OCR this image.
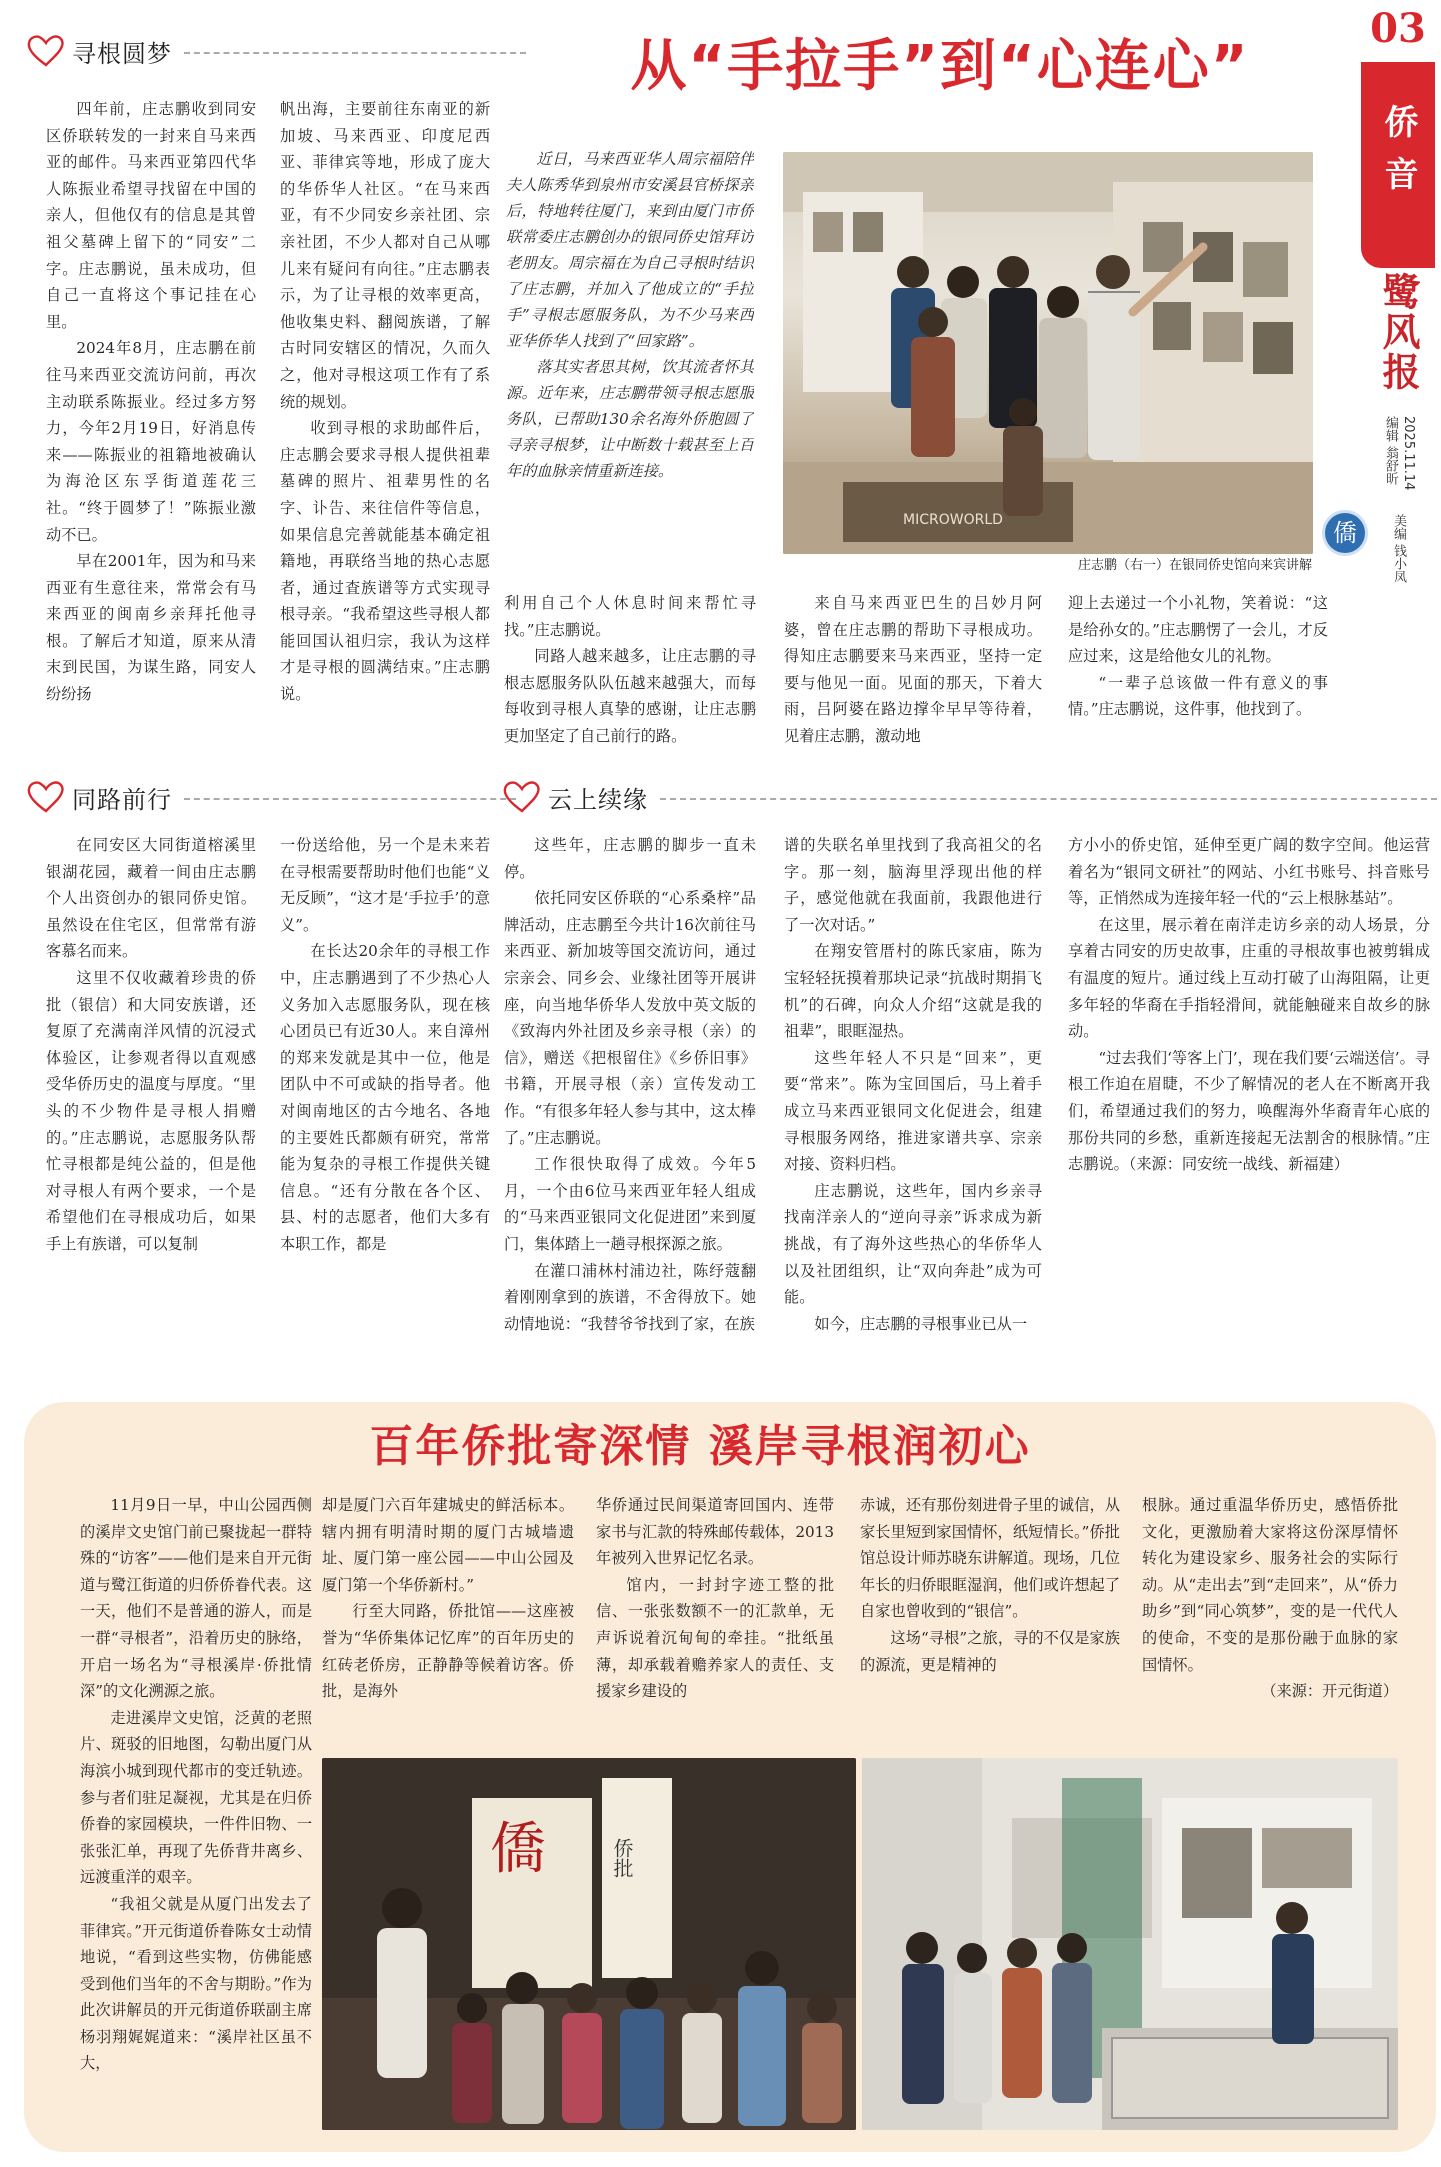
03
侨音
鹭风报
编辑 翁舒昕 2025.11.14
僑	美编 钱小凤
寻根圆梦
同路前行	云上续缘
从“手拉手”到“心连心”

四年前，庄志鹏收到同安区侨联转发的一封来自马来西亚的邮件。马来西亚第四代华人陈振业希望寻找留在中国的亲人，但他仅有的信息是其曾祖父墓碑上留下的“同安”二字。庄志鹏说，虽未成功，但自己一直将这个事记挂在心里。

2024年8月，庄志鹏在前往马来西亚交流访问前，再次主动联系陈振业。经过多方努力，今年2月19日，好消息传来——陈振业的祖籍地被确认为海沧区东孚街道莲花三社。“终于圆梦了！”陈振业激动不已。

早在2001年，因为和马来西亚有生意往来，常常会有马来西亚的闽南乡亲拜托他寻根。了解后才知道，原来从清末到民国，为谋生路，同安人纷纷扬

帆出海，主要前往东南亚的新加坡、马来西亚、印度尼西亚、菲律宾等地，形成了庞大的华侨华人社区。“在马来西亚，有不少同安乡亲社团、宗亲社团，不少人都对自己从哪儿来有疑问有向往。”庄志鹏表示，为了让寻根的效率更高，他收集史料、翻阅族谱，了解古时同安辖区的情况，久而久之，他对寻根这项工作有了系统的规划。

收到寻根的求助邮件后，庄志鹏会要求寻根人提供祖辈墓碑的照片、祖辈男性的名字、讣告、来往信件等信息，如果信息完善就能基本确定祖籍地，再联络当地的热心志愿者，通过査族谱等方式实现寻根寻亲。“我希望这些寻根人都能回国认祖归宗，我认为这样才是寻根的圆满结束。”庄志鹏说。

近日，马来西亚华人周宗福陪伴夫人陈秀华到泉州市安溪县官桥探亲后，特地转往厦门，来到由厦门市侨联常委庄志鹏创办的银同侨史馆拜访老朋友。周宗福在为自己寻根时结识了庄志鹏，并加入了他成立的“手拉手”寻根志愿服务队，为不少马来西亚华侨华人找到了“回家路”。

落其实者思其树，饮其流者怀其源。近年来，庄志鹏带领寻根志愿服务队，已帮助130余名海外侨胞圆了寻亲寻根梦，让中断数十载甚至上百年的血脉亲情重新连接。

MICROWORLD
庄志鹏（右一）在银同侨史馆向来宾讲解

利用自己个人休息时间来帮忙寻找。”庄志鹏说。

同路人越来越多，让庄志鹏的寻根志愿服务队队伍越来越强大，而每每收到寻根人真挚的感谢，让庄志鹏更加坚定了自己前行的路。

来自马来西亚巴生的吕妙月阿婆，曾在庄志鹏的帮助下寻根成功。得知庄志鹏要来马来西亚，坚持一定要与他见一面。见面的那天，下着大雨，吕阿婆在路边撑伞早早等待着，见着庄志鹏，激动地

迎上去递过一个小礼物，笑着说：“这是给孙女的。”庄志鹏愣了一会儿，才反应过来，这是给他女儿的礼物。

“一辈子总该做一件有意义的事情。”庄志鹏说，这件事，他找到了。

在同安区大同街道榕溪里银湖花园，藏着一间由庄志鹏个人出资创办的银同侨史馆。虽然设在住宅区，但常常有游客慕名而来。

这里不仅收藏着珍贵的侨批（银信）和大同安族谱，还复原了充满南洋风情的沉浸式体验区，让参观者得以直观感受华侨历史的温度与厚度。“里头的不少物件是寻根人捐赠的。”庄志鹏说，志愿服务队帮忙寻根都是纯公益的，但是他对寻根人有两个要求，一个是希望他们在寻根成功后，如果手上有族谱，可以复制

一份送给他，另一个是未来若在寻根需要帮助时他们也能“义无反顾”，“这才是‘手拉手’的意义”。

在长达20余年的寻根工作中，庄志鹏遇到了不少热心人义务加入志愿服务队，现在核心团员已有近30人。来自漳州的郑来发就是其中一位，他是团队中不可或缺的指导者。他对闽南地区的古今地名、各地的主要姓氏都颇有研究，常常能为复杂的寻根工作提供关键信息。“还有分散在各个区、县、村的志愿者，他们大多有本职工作，都是

这些年，庄志鹏的脚步一直未停。

依托同安区侨联的“心系桑梓”品牌活动，庄志鹏至今共计16次前往马来西亚、新加坡等国交流访问，通过宗亲会、同乡会、业缘社团等开展讲座，向当地华侨华人发放中英文版的《致海内外社团及乡亲寻根（亲）的信》，赠送《把根留住》《乡侨旧事》书籍，开展寻根（亲）宣传发动工作。“有很多年轻人参与其中，这太棒了。”庄志鹏说。

工作很快取得了成效。今年5月，一个由6位马来西亚年轻人组成的“马来西亚银同文化促进团”来到厦门，集体踏上一趟寻根探源之旅。

在灌口浦林村浦边社，陈纾蔻翻着刚刚拿到的族谱，不舍得放下。她动情地说：“我替爷爷找到了家，在族

谱的失联名单里找到了我高祖父的名字。那一刻，脑海里浮现出他的样子，感觉他就在我面前，我跟他进行了一次对话。”

在翔安管厝村的陈氏家庙，陈为宝轻轻抚摸着那块记录“抗战时期捐飞机”的石碑，向众人介绍“这就是我的祖辈”，眼眶湿热。

这些年轻人不只是“回来”，更要“常来”。陈为宝回国后，马上着手成立马来西亚银同文化促进会，组建寻根服务网络，推进家谱共享、宗亲对接、资料归档。

庄志鹏说，这些年，国内乡亲寻找南洋亲人的“逆向寻亲”诉求成为新挑战，有了海外这些热心的华侨华人以及社团组织，让“双向奔赴”成为可能。

如今，庄志鹏的寻根事业已从一

方小小的侨史馆，延伸至更广阔的数字空间。他运营着名为“银同文研社”的网站、小红书账号、抖音账号等，正悄然成为连接年轻一代的“云上根脉基站”。

在这里，展示着在南洋走访乡亲的动人场景，分享着古同安的历史故事，庄重的寻根故事也被剪辑成有温度的短片。通过线上互动打破了山海阻隔，让更多年轻的华裔在手指轻滑间，就能触碰来自故乡的脉动。

“过去我们‘等客上门’，现在我们要‘云端送信’。寻根工作迫在眉睫，不少了解情况的老人在不断离开我们，希望通过我们的努力，唤醒海外华裔青年心底的那份共同的乡愁，重新连接起无法割舍的根脉情。”庄志鹏说。（来源：同安统一战线、新福建）

百年侨批寄深情 溪岸寻根润初心

11月9日一早，中山公园西侧的溪岸文史馆门前已聚拢起一群特殊的“访客”——他们是来自开元街道与鹭江街道的归侨侨眷代表。这一天，他们不是普通的游人，而是一群“寻根者”，沿着历史的脉络，开启一场名为“寻根溪岸·侨批情深”的文化溯源之旅。

走进溪岸文史馆，泛黄的老照片、斑驳的旧地图，勾勒出厦门从海滨小城到现代都市的变迁轨迹。参与者们驻足凝视，尤其是在归侨侨眷的家园模块，一件件旧物、一张张汇单，再现了先侨背井离乡、远渡重洋的艰辛。

“我祖父就是从厦门出发去了菲律宾。”开元街道侨眷陈女士动情地说，“看到这些实物，仿佛能感受到他们当年的不舍与期盼。”作为此次讲解员的开元街道侨联副主席杨羽翔娓娓道来：“溪岸社区虽不大，

却是厦门六百年建城史的鲜活标本。辖内拥有明清时期的厦门古城墙遗址、厦门第一座公园——中山公园及厦门第一个华侨新村。”

行至大同路，侨批馆——这座被誉为“华侨集体记忆库”的百年历史的红砖老侨房，正静静等候着访客。侨批，是海外

华侨通过民间渠道寄回国内、连带家书与汇款的特殊邮传载体，2013年被列入世界记忆名录。

馆内，一封封字迹工整的批信、一张张数额不一的汇款单，无声诉说着沉甸甸的牵挂。“批纸虽薄，却承载着赡养家人的责任、支援家乡建设的

赤诚，还有那份刻进骨子里的诚信，从家长里短到家国情怀，纸短情长。”侨批馆总设计师苏晓东讲解道。现场，几位年长的归侨眼眶湿润，他们或许想起了自家也曾收到的“银信”。

这场“寻根”之旅，寻的不仅是家族的源流，更是精神的

根脉。通过重温华侨历史，感悟侨批文化，更激励着大家将这份深厚情怀转化为建设家乡、服务社会的实际行动。从“走出去”到“走回来”，从“侨力助乡”到“同心筑梦”，变的是一代代人的使命，不变的是那份融于血脉的家国情怀。

（来源：开元街道）

僑	侨批
